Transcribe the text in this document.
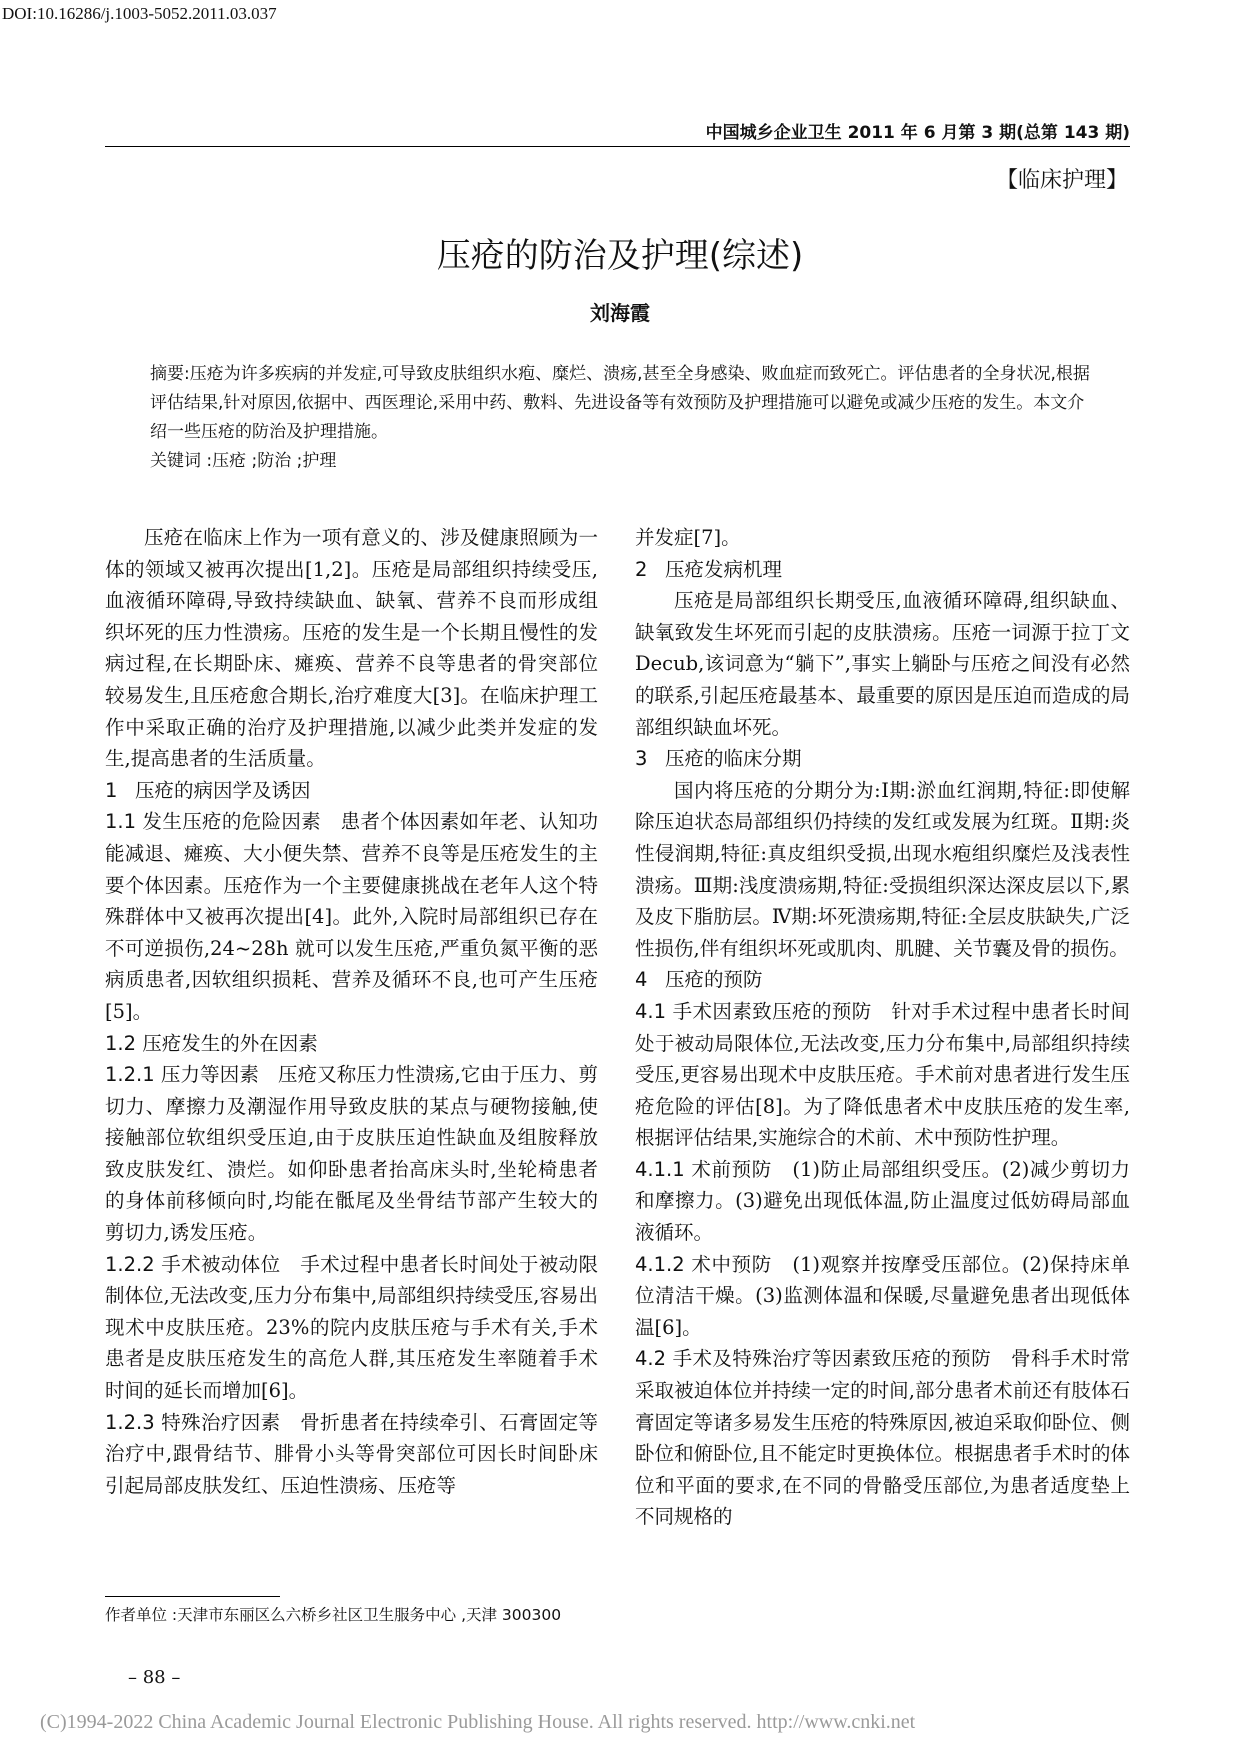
DOI:10.16286/j.1003-5052.2011.03.037
中国城乡企业卫生 2011 年 6 月第 3 期(总第 143 期)
【临床护理】
压疮的防治及护理(综述)
刘海霞

摘要:压疮为许多疾病的并发症,可导致皮肤组织水疱、糜烂、溃疡,甚至全身感染、败血症而致死亡。评估患者的全身状况,根据评估结果,针对原因,依据中、西医理论,采用中药、敷料、先进设备等有效预防及护理措施可以避免或减少压疮的发生。本文介绍一些压疮的防治及护理措施。

关键词 :压疮 ;防治 ;护理

压疮在临床上作为一项有意义的、涉及健康照顾为一体的领域又被再次提出[1,2]。压疮是局部组织持续受压,血液循环障碍,导致持续缺血、缺氧、营养不良而形成组织坏死的压力性溃疡。压疮的发生是一个长期且慢性的发病过程,在长期卧床、瘫痪、营养不良等患者的骨突部位较易发生,且压疮愈合期长,治疗难度大[3]。在临床护理工作中采取正确的治疗及护理措施,以减少此类并发症的发生,提高患者的生活质量。

1 压疮的病因学及诱因

1.1 发生压疮的危险因素 患者个体因素如年老、认知功能减退、瘫痪、大小便失禁、营养不良等是压疮发生的主要个体因素。压疮作为一个主要健康挑战在老年人这个特殊群体中又被再次提出[4]。此外,入院时局部组织已存在不可逆损伤,24~28h 就可以发生压疮,严重负氮平衡的恶病质患者,因软组织损耗、营养及循环不良,也可产生压疮[5]。

1.2 压疮发生的外在因素

1.2.1 压力等因素 压疮又称压力性溃疡,它由于压力、剪切力、摩擦力及潮湿作用导致皮肤的某点与硬物接触,使接触部位软组织受压迫,由于皮肤压迫性缺血及组胺释放致皮肤发红、溃烂。如仰卧患者抬高床头时,坐轮椅患者的身体前移倾向时,均能在骶尾及坐骨结节部产生较大的剪切力,诱发压疮。

1.2.2 手术被动体位 手术过程中患者长时间处于被动限制体位,无法改变,压力分布集中,局部组织持续受压,容易出现术中皮肤压疮。23%的院内皮肤压疮与手术有关,手术患者是皮肤压疮发生的高危人群,其压疮发生率随着手术时间的延长而增加[6]。

1.2.3 特殊治疗因素 骨折患者在持续牵引、石膏固定等治疗中,跟骨结节、腓骨小头等骨突部位可因长时间卧床引起局部皮肤发红、压迫性溃疡、压疮等

并发症[7]。

2 压疮发病机理

压疮是局部组织长期受压,血液循环障碍,组织缺血、缺氧致发生坏死而引起的皮肤溃疡。压疮一词源于拉丁文 Decub,该词意为“躺下”,事实上躺卧与压疮之间没有必然的联系,引起压疮最基本、最重要的原因是压迫而造成的局部组织缺血坏死。

3 压疮的临床分期

国内将压疮的分期分为:Ⅰ期:淤血红润期,特征:即使解除压迫状态局部组织仍持续的发红或发展为红斑。Ⅱ期:炎性侵润期,特征:真皮组织受损,出现水疱组织糜烂及浅表性溃疡。Ⅲ期:浅度溃疡期,特征:受损组织深达深皮层以下,累及皮下脂肪层。Ⅳ期:坏死溃疡期,特征:全层皮肤缺失,广泛性损伤,伴有组织坏死或肌肉、肌腱、关节囊及骨的损伤。

4 压疮的预防

4.1 手术因素致压疮的预防 针对手术过程中患者长时间处于被动局限体位,无法改变,压力分布集中,局部组织持续受压,更容易出现术中皮肤压疮。手术前对患者进行发生压疮危险的评估[8]。为了降低患者术中皮肤压疮的发生率,根据评估结果,实施综合的术前、术中预防性护理。

4.1.1 术前预防 (1)防止局部组织受压。(2)减少剪切力和摩擦力。(3)避免出现低体温,防止温度过低妨碍局部血液循环。

4.1.2 术中预防 (1)观察并按摩受压部位。(2)保持床单位清洁干燥。(3)监测体温和保暖,尽量避免患者出现低体温[6]。

4.2 手术及特殊治疗等因素致压疮的预防 骨科手术时常采取被迫体位并持续一定的时间,部分患者术前还有肢体石膏固定等诸多易发生压疮的特殊原因,被迫采取仰卧位、侧卧位和俯卧位,且不能定时更换体位。根据患者手术时的体位和平面的要求,在不同的骨骼受压部位,为患者适度垫上不同规格的

作者单位 :天津市东丽区么六桥乡社区卫生服务中心 ,天津 300300
– 88 –
(C)1994-2022 China Academic Journal Electronic Publishing House. All rights reserved. http://www.cnki.net
